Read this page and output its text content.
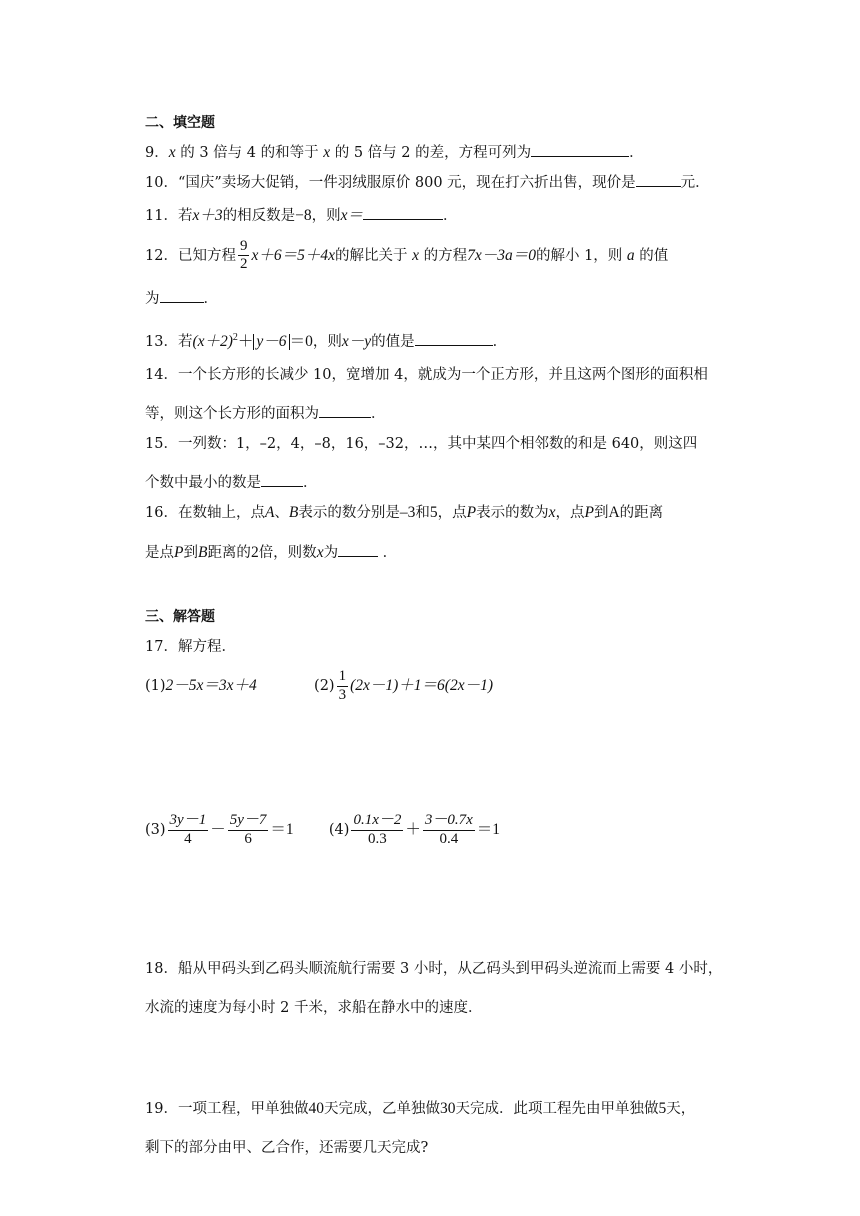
二、填空题
9．x 的 3 倍与 4 的和等于 x 的 5 倍与 2 的差，方程可列为	．
10．“国庆”卖场大促销，一件羽绒服原价 800 元，现在打六折出售，现价是	元．
11．若x＋3的相反数是−8，则x＝	．
12．已知方程 $\frac{9}{2} x+6=5+4x$的解比关于 x 的方程7x－3a＝0的解小 1，则 a 的值
为	．
13．若$(x+2)^2+ y-6 =0$，则x－y的值是	．
14．一个长方形的长减少 10，宽增加 4，就成为一个正方形，并且这两个图形的面积相
等，则这个长方形的面积为	．
15．一列数：1，–2，4，–8，16，–32，…，其中某四个相邻数的和是 640，则这四
个数中最小的数是	．
16．在数轴上，点A、B表示的数分别是–3和5，点P表示的数为x，点P到A的距离
是点P到B距离的2倍，则数x为	．
三、解答题
17．解方程．
(1)2－5x＝3x＋4	$(2) \frac{1}{3} (2x-1)+1=6(2x-1)$
$(3) \frac{3y-1}{4} - \frac{5y-7}{6} =1$ $(4) \frac{0.1x-2}{0.3} + \frac{3-0.7x}{0.4} =1$
18．船从甲码头到乙码头顺流航行需要 3 小时，从乙码头到甲码头逆流而上需要 4 小时，
水流的速度为每小时 2 千米，求船在静水中的速度．
19．一项工程，甲单独做40天完成，乙单独做30天完成．此项工程先由甲单独做5天，
剩下的部分由甲、乙合作，还需要几天完成?
